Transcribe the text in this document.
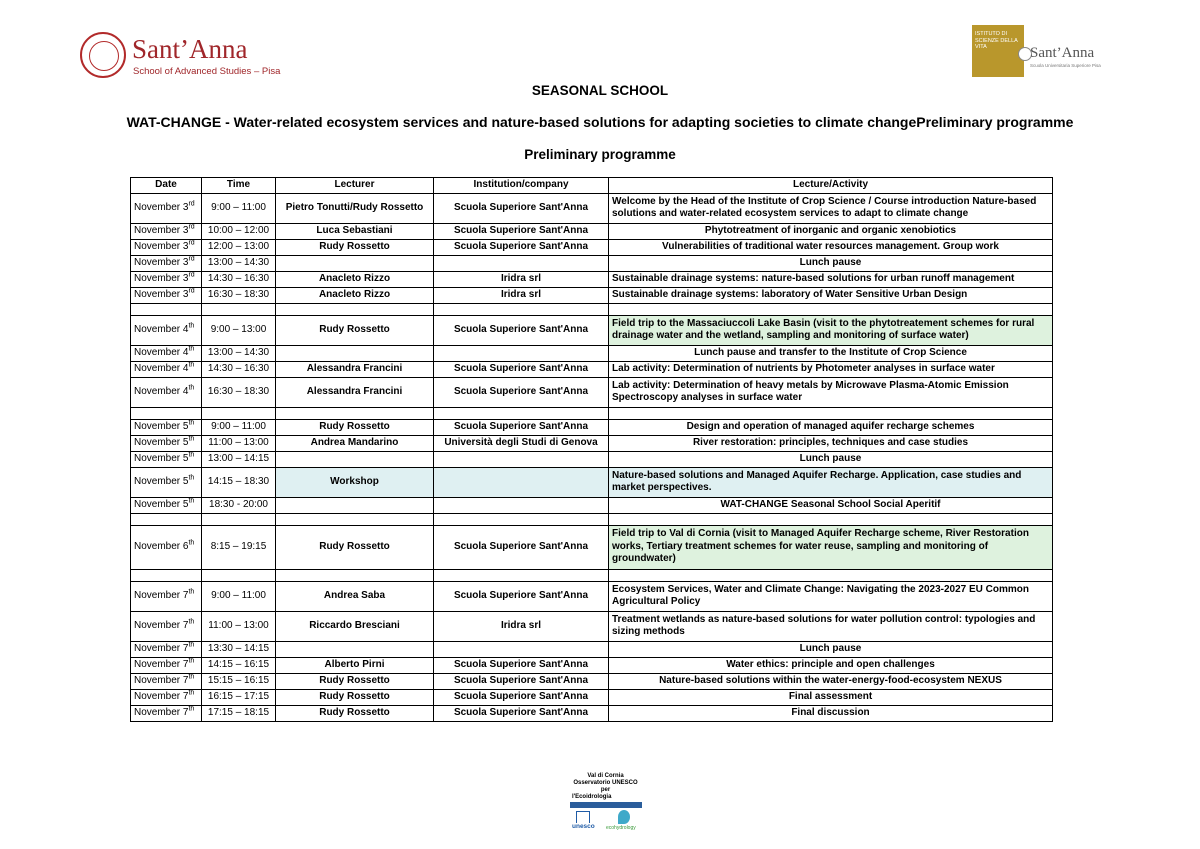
Sant’Anna
School of Advanced Studies – Pisa
ISTITUTO DI SCIENZE DELLA VITA	Sant’Anna
Scuola Universitaria Superiore Pisa
SEASONAL SCHOOL
WAT-CHANGE - Water-related ecosystem services and nature-based solutions for adapting societies to climate changePreliminary programme
Preliminary programme
Date	Time	Lecturer	Institution/company	Lecture/Activity
November 3rd	9:00 – 11:00	Pietro Tonutti/Rudy Rossetto	Scuola Superiore Sant'Anna	Welcome by the Head of the Institute of Crop Science / Course introduction Nature-based solutions and water-related ecosystem services to adapt to climate change
November 3rd	10:00 – 12:00	Luca Sebastiani	Scuola Superiore Sant'Anna	Phytotreatment of inorganic and organic xenobiotics
November 3rd	12:00 – 13:00	Rudy Rossetto	Scuola Superiore Sant'Anna	Vulnerabilities of traditional water resources management. Group work
November 3rd	13:00 – 14:30			Lunch pause
November 3rd	14:30 – 16:30	Anacleto Rizzo	Iridra srl	Sustainable drainage systems: nature-based solutions for urban runoff management
November 3rd	16:30 – 18:30	Anacleto Rizzo	Iridra srl	Sustainable drainage systems: laboratory of Water Sensitive Urban Design

November 4th	9:00 – 13:00	Rudy Rossetto	Scuola Superiore Sant'Anna	Field trip to the Massaciuccoli Lake Basin (visit to the phytotreatement schemes for rural drainage water and the wetland, sampling and monitoring of surface water)
November 4th	13:00 – 14:30			Lunch pause and transfer to the Institute of Crop Science
November 4th	14:30 – 16:30	Alessandra Francini	Scuola Superiore Sant'Anna	Lab activity: Determination of nutrients by Photometer analyses in surface water
November 4th	16:30 – 18:30	Alessandra Francini	Scuola Superiore Sant'Anna	Lab activity: Determination of heavy metals by Microwave Plasma-Atomic Emission Spectroscopy analyses in surface water

November 5th	9:00 – 11:00	Rudy Rossetto	Scuola Superiore Sant'Anna	Design and operation of managed aquifer recharge schemes
November 5th	11:00 – 13:00	Andrea Mandarino	Università degli Studi di Genova	River restoration: principles, techniques and case studies
November 5th	13:00 – 14:15			Lunch pause
November 5th	14:15 – 18:30	Workshop		Nature-based solutions and Managed Aquifer Recharge. Application, case studies and market perspectives.
November 5th	18:30 - 20:00			WAT-CHANGE Seasonal School Social Aperitif

November 6th	8:15 – 19:15	Rudy Rossetto	Scuola Superiore Sant'Anna	Field trip to Val di Cornia (visit to Managed Aquifer Recharge scheme, River Restoration works, Tertiary treatment schemes for water reuse, sampling and monitoring of groundwater)

November 7th	9:00 – 11:00	Andrea Saba	Scuola Superiore Sant'Anna	Ecosystem Services, Water and Climate Change: Navigating the 2023-2027 EU Common Agricultural Policy
November 7th	11:00 – 13:00	Riccardo Bresciani	Iridra srl	Treatment wetlands as nature-based solutions for water pollution control: typologies and sizing methods
November 7th	13:30 – 14:15			Lunch pause
November 7th	14:15 – 16:15	Alberto Pirni	Scuola Superiore Sant'Anna	Water ethics: principle and open challenges
November 7th	15:15 – 16:15	Rudy Rossetto	Scuola Superiore Sant'Anna	Nature-based solutions within the water-energy-food-ecosystem NEXUS
November 7th	16:15 – 17:15	Rudy Rossetto	Scuola Superiore Sant'Anna	Final assessment
November 7th	17:15 – 18:15	Rudy Rossetto	Scuola Superiore Sant'Anna	Final discussion
Val di Cornia
Osservatorio UNESCO per
l'Ecoidrologia
unesco ecohydrology
